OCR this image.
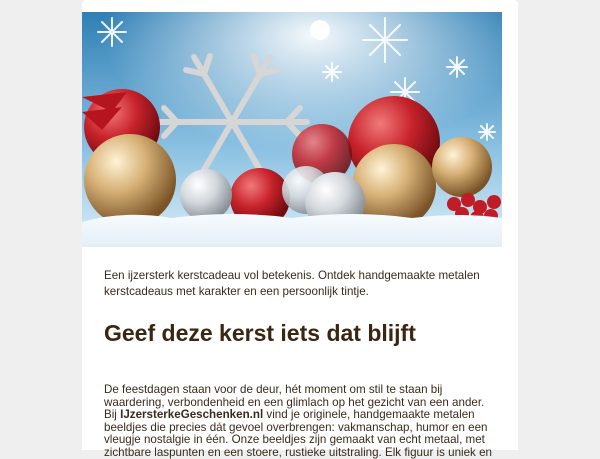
Een ijzersterk kerstcadeau vol betekenis. Ontdek handgemaakte metalen kerstcadeaus met karakter en een persoonlijk tintje.

Geef deze kerst iets dat blijft

De feestdagen staan voor de deur, hét moment om stil te staan bij waardering, verbondenheid en een glimlach op het gezicht van een ander.
Bij IJzersterkeGeschenken.nl vind je originele, handgemaakte metalen beeldjes die precies dát gevoel overbrengen: vakmanschap, humor en een vleugje nostalgie in één. Onze beeldjes zijn gemaakt van echt metaal, met zichtbare laspunten en een stoere, rustieke uitstraling. Elk figuur is uniek en
